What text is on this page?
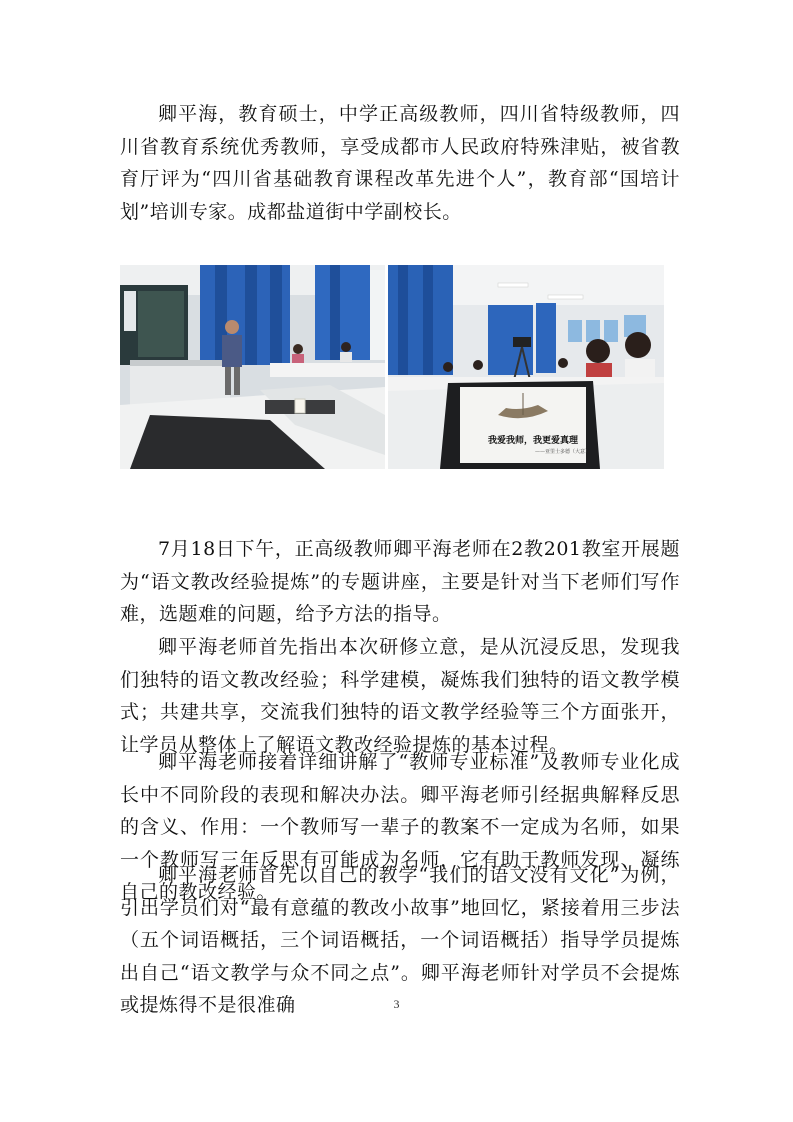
卿平海，教育硕士，中学正高级教师，四川省特级教师，四川省教育系统优秀教师，享受成都市人民政府特殊津贴，被省教育厅评为“四川省基础教育课程改革先进个人”，教育部“国培计划”培训专家。成都盐道街中学副校长。

我爱我师，我更爱真理
——亚里士多德（大意）

7月18日下午，正高级教师卿平海老师在2教201教室开展题为“语文教改经验提炼”的专题讲座，主要是针对当下老师们写作难，选题难的问题，给予方法的指导。

卿平海老师首先指出本次研修立意，是从沉浸反思，发现我们独特的语文教改经验；科学建模，凝炼我们独特的语文教学模式；共建共享，交流我们独特的语文教学经验等三个方面张开，让学员从整体上了解语文教改经验提炼的基本过程。

卿平海老师接着详细讲解了“教师专业标准”及教师专业化成长中不同阶段的表现和解决办法。卿平海老师引经据典解释反思的含义、作用：一个教师写一辈子的教案不一定成为名师，如果一个教师写三年反思有可能成为名师，它有助于教师发现、凝练自己的教改经验。

卿平海老师首先以自己的教学“我们的语文没有文化”为例，引出学员们对“最有意蕴的教改小故事”地回忆，紧接着用三步法（五个词语概括，三个词语概括，一个词语概括）指导学员提炼出自己“语文教学与众不同之点”。卿平海老师针对学员不会提炼或提炼得不是很准确	3
